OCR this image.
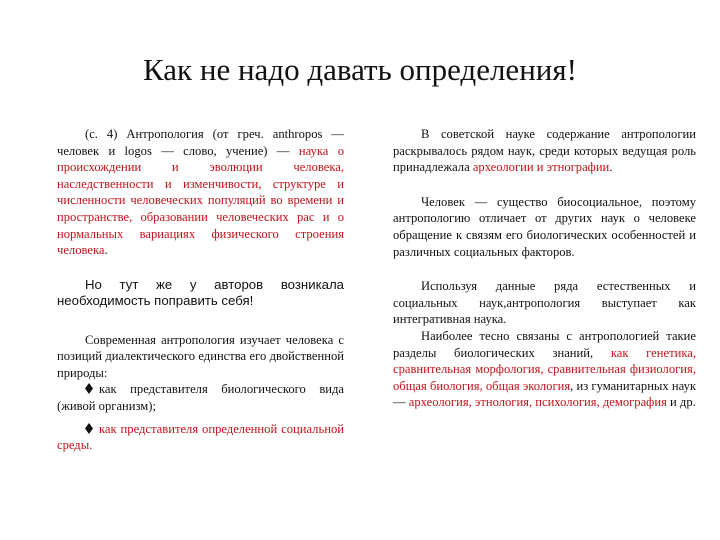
Как не надо давать определения!

(с. 4) Антропология (от греч. anthropos — человек и logos — слово, учение) — наука о происхождении и эволюции человека, наследственности и изменчивости, структуре и численности человеческих популяций во времени и пространстве, образовании человеческих рас и о нормальных вариациях физического строения человека.

Но тут же у авторов возникала необходимость поправить себя!

Современная антропология изучает человека с позиций диалектического единства его двойственной природы:

как представителя биологического вида (живой организм);

как представителя определенной социальной среды.

В советской науке содержание антропологии раскрывалось рядом наук, среди которых ведущая роль принадлежала археологии и этнографии.

Человек — существо биосоциальное, поэтому антропологию отличает от других наук о человеке обращение к связям его биологических особенностей и различных социальных факторов.

Используя данные ряда естественных и социальных наук,антропология выступает как интегративная наука.

Наиболее тесно связаны с антропологией такие разделы биологических знаний, как генетика, сравнительная морфология, сравнительная физиология, общая биология, общая экология, из гуманитарных наук — археология, этнология, психология, демография и др.
